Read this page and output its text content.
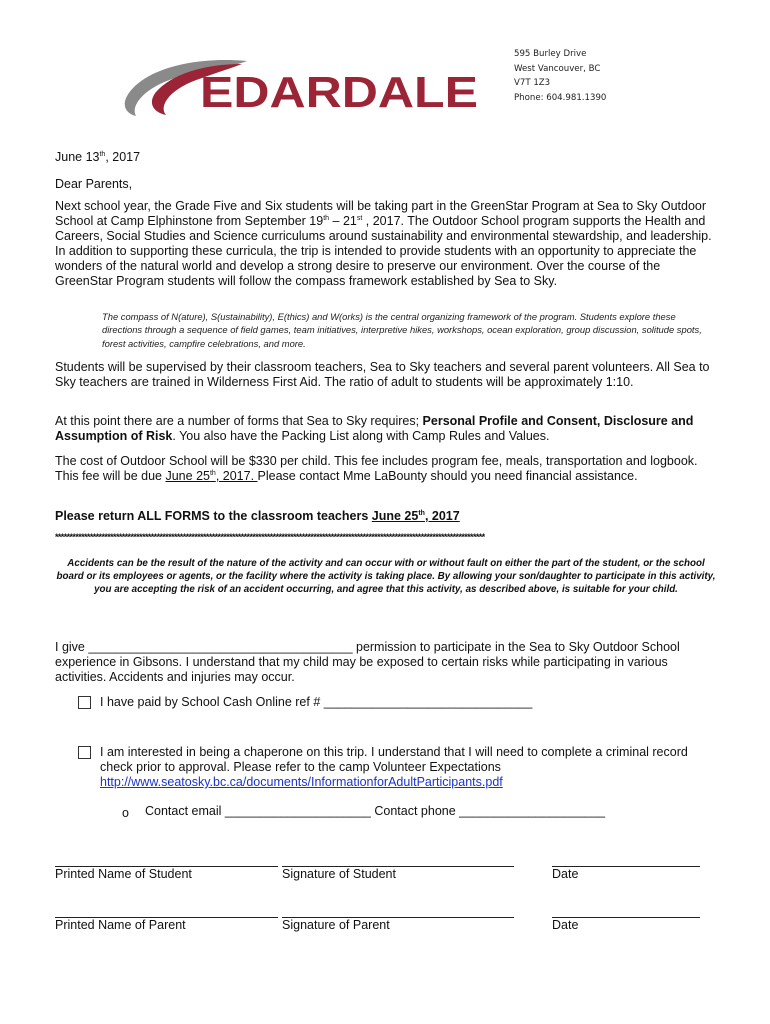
EDARDALE
595 Burley Drive
West Vancouver, BC
V7T 1Z3
Phone: 604.981.1390

June 13th, 2017

Dear Parents,

Next school year, the Grade Five and Six students will be taking part in the GreenStar Program at Sea to Sky Outdoor School at Camp Elphinstone from September 19th – 21st , 2017. The Outdoor School program supports the Health and Careers, Social Studies and Science curriculums around sustainability and environmental stewardship, and leadership. In addition to supporting these curricula, the trip is intended to provide students with an opportunity to appreciate the wonders of the natural world and develop a strong desire to preserve our environment. Over the course of the GreenStar Program students will follow the compass framework established by Sea to Sky.

The compass of N(ature), S(ustainability), E(thics) and W(orks) is the central organizing framework of the program. Students explore these directions through a sequence of field games, team initiatives, interpretive hikes, workshops, ocean exploration, group discussion, solitude spots, forest activities, campfire celebrations, and more.

Students will be supervised by their classroom teachers, Sea to Sky teachers and several parent volunteers. All Sea to Sky teachers are trained in Wilderness First Aid. The ratio of adult to students will be approximately 1:10.

At this point there are a number of forms that Sea to Sky requires; Personal Profile and Consent, Disclosure and Assumption of Risk. You also have the Packing List along with Camp Rules and Values.

The cost of Outdoor School will be $330 per child. This fee includes program fee, meals, transportation and logbook. This fee will be due June 25th, 2017. Please contact Mme LaBounty should you need financial assistance.

Please return ALL FORMS to the classroom teachers June 25th, 2017

****************************************************************************************************************************************************

Accidents can be the result of the nature of the activity and can occur with or without fault on either the part of the student, or the school board or its employees or agents, or the facility where the activity is taking place. By allowing your son/daughter to participate in this activity, you are accepting the risk of an accident occurring, and agree that this activity, as described above, is suitable for your child.

I give ______________________________________ permission to participate in the Sea to Sky Outdoor School experience in Gibsons. I understand that my child may be exposed to certain risks while participating in various activities. Accidents and injuries may occur.

I have paid by School Cash Online ref # ______________________________

I am interested in being a chaperone on this trip. I understand that I will need to complete a criminal record check prior to approval. Please refer to the camp Volunteer Expectations
http://www.seatosky.bc.ca/documents/InformationforAdultParticipants.pdf

o Contact email _____________________ Contact phone _____________________

Printed Name of Student	Signature of Student	Date
Printed Name of Parent	Signature of Parent	Date
